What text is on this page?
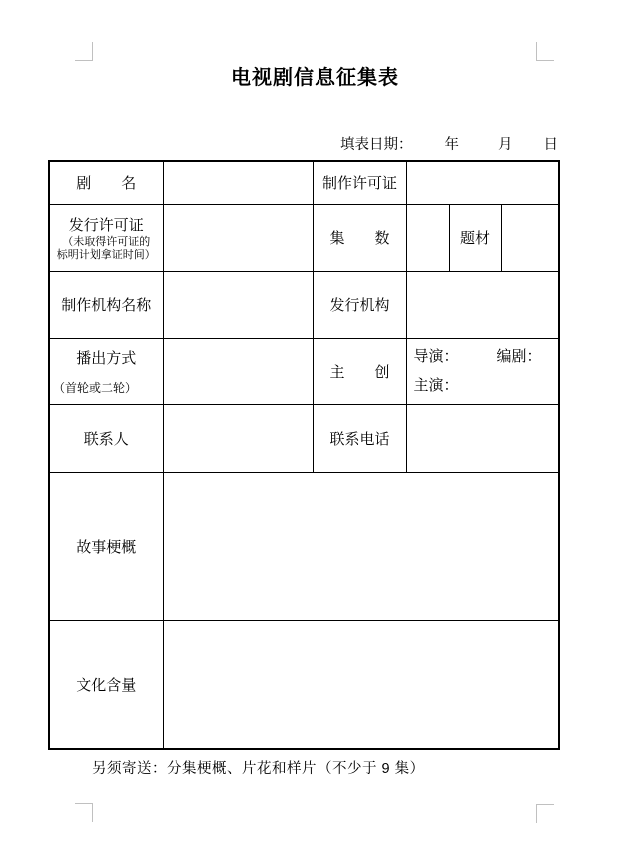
电视剧信息征集表
填表日期： 年	月 日
剧　　名		制作许可证			

发行许可证
（未取得许可证的
标明计划拿证时间）		集　　数		题材	
制作机构名称		发行机构			

播出方式
（首轮或二轮）
		主　　创	
导演：	编剧：
主演：

联系人		联系电话			
故事梗概					
文化含量					
另须寄送：分集梗概、片花和样片（不少于 9 集）
